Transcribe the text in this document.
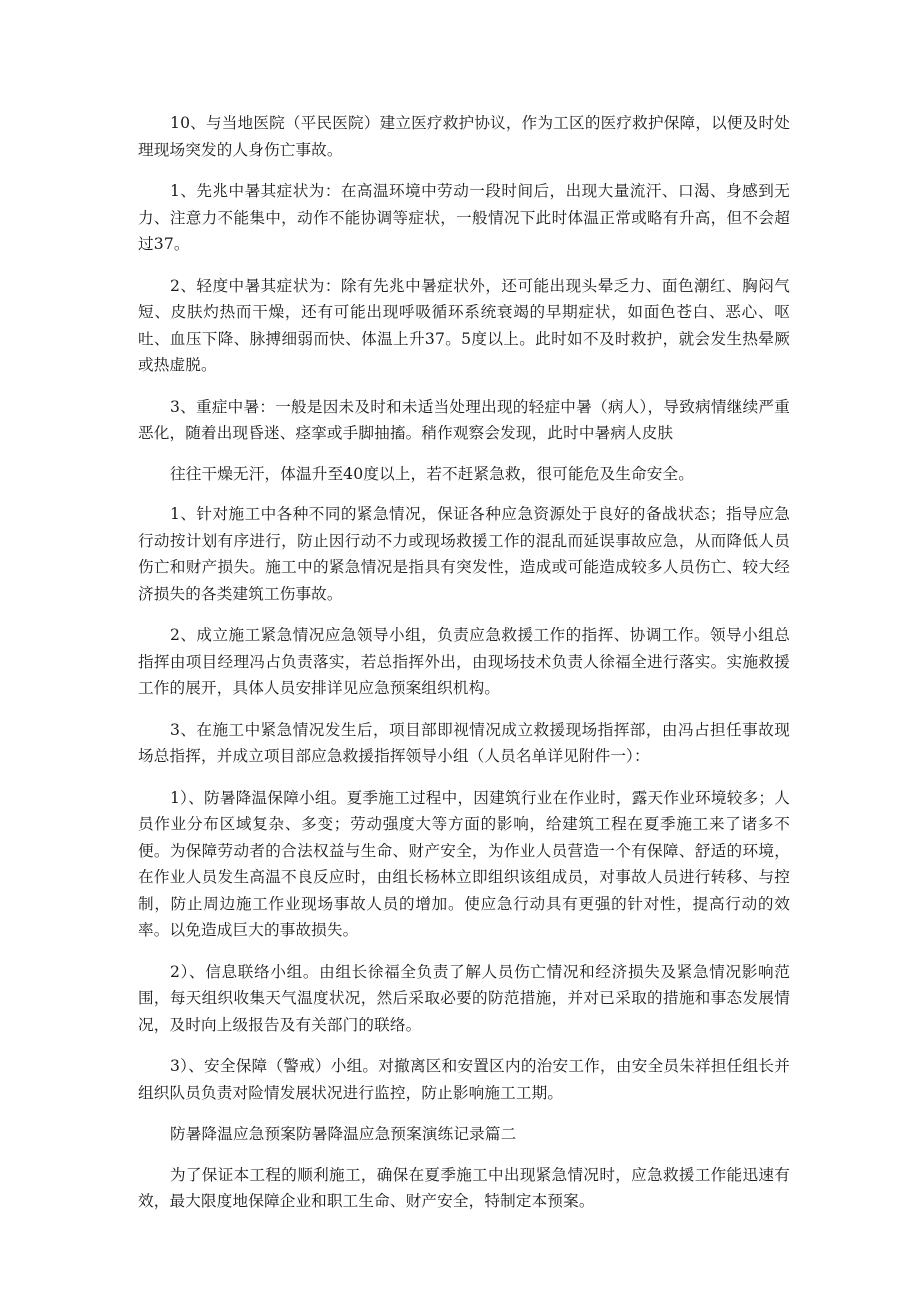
10、与当地医院（平民医院）建立医疗救护协议，作为工区的医疗救护保障，以便及时处理现场突发的人身伤亡事故。

1、先兆中暑其症状为：在高温环境中劳动一段时间后，出现大量流汗、口渴、身感到无力、注意力不能集中，动作不能协调等症状，一般情况下此时体温正常或略有升高，但不会超过37。

2、轻度中暑其症状为：除有先兆中暑症状外，还可能出现头晕乏力、面色潮红、胸闷气短、皮肤灼热而干燥，还有可能出现呼吸循环系统衰竭的早期症状，如面色苍白、恶心、呕吐、血压下降、脉搏细弱而快、体温上升37。5度以上。此时如不及时救护，就会发生热晕厥或热虚脱。

3、重症中暑：一般是因未及时和未适当处理出现的轻症中暑（病人），导致病情继续严重恶化，随着出现昏迷、痉挛或手脚抽搐。稍作观察会发现，此时中暑病人皮肤

往往干燥无汗，体温升至40度以上，若不赶紧急救，很可能危及生命安全。

1、针对施工中各种不同的紧急情况，保证各种应急资源处于良好的备战状态；指导应急行动按计划有序进行，防止因行动不力或现场救援工作的混乱而延误事故应急，从而降低人员伤亡和财产损失。施工中的紧急情况是指具有突发性，造成或可能造成较多人员伤亡、较大经济损失的各类建筑工伤事故。

2、成立施工紧急情况应急领导小组，负责应急救援工作的指挥、协调工作。领导小组总指挥由项目经理冯占负责落实，若总指挥外出，由现场技术负责人徐福全进行落实。实施救援工作的展开，具体人员安排详见应急预案组织机构。

3、在施工中紧急情况发生后，项目部即视情况成立救援现场指挥部，由冯占担任事故现场总指挥，并成立项目部应急救援指挥领导小组（人员名单详见附件一）：

1）、防暑降温保障小组。夏季施工过程中，因建筑行业在作业时，露天作业环境较多；人员作业分布区域复杂、多变；劳动强度大等方面的影响，给建筑工程在夏季施工来了诸多不便。为保障劳动者的合法权益与生命、财产安全，为作业人员营造一个有保障、舒适的环境，在作业人员发生高温不良反应时，由组长杨林立即组织该组成员，对事故人员进行转移、与控制，防止周边施工作业现场事故人员的增加。使应急行动具有更强的针对性，提高行动的效率。以免造成巨大的事故损失。

2）、信息联络小组。由组长徐福全负责了解人员伤亡情况和经济损失及紧急情况影响范围，每天组织收集天气温度状况，然后采取必要的防范措施，并对已采取的措施和事态发展情况，及时向上级报告及有关部门的联络。

3）、安全保障（警戒）小组。对撤离区和安置区内的治安工作，由安全员朱祥担任组长并组织队员负责对险情发展状况进行监控，防止影响施工工期。

防暑降温应急预案防暑降温应急预案演练记录篇二

为了保证本工程的顺利施工，确保在夏季施工中出现紧急情况时，应急救援工作能迅速有效，最大限度地保障企业和职工生命、财产安全，特制定本预案。
